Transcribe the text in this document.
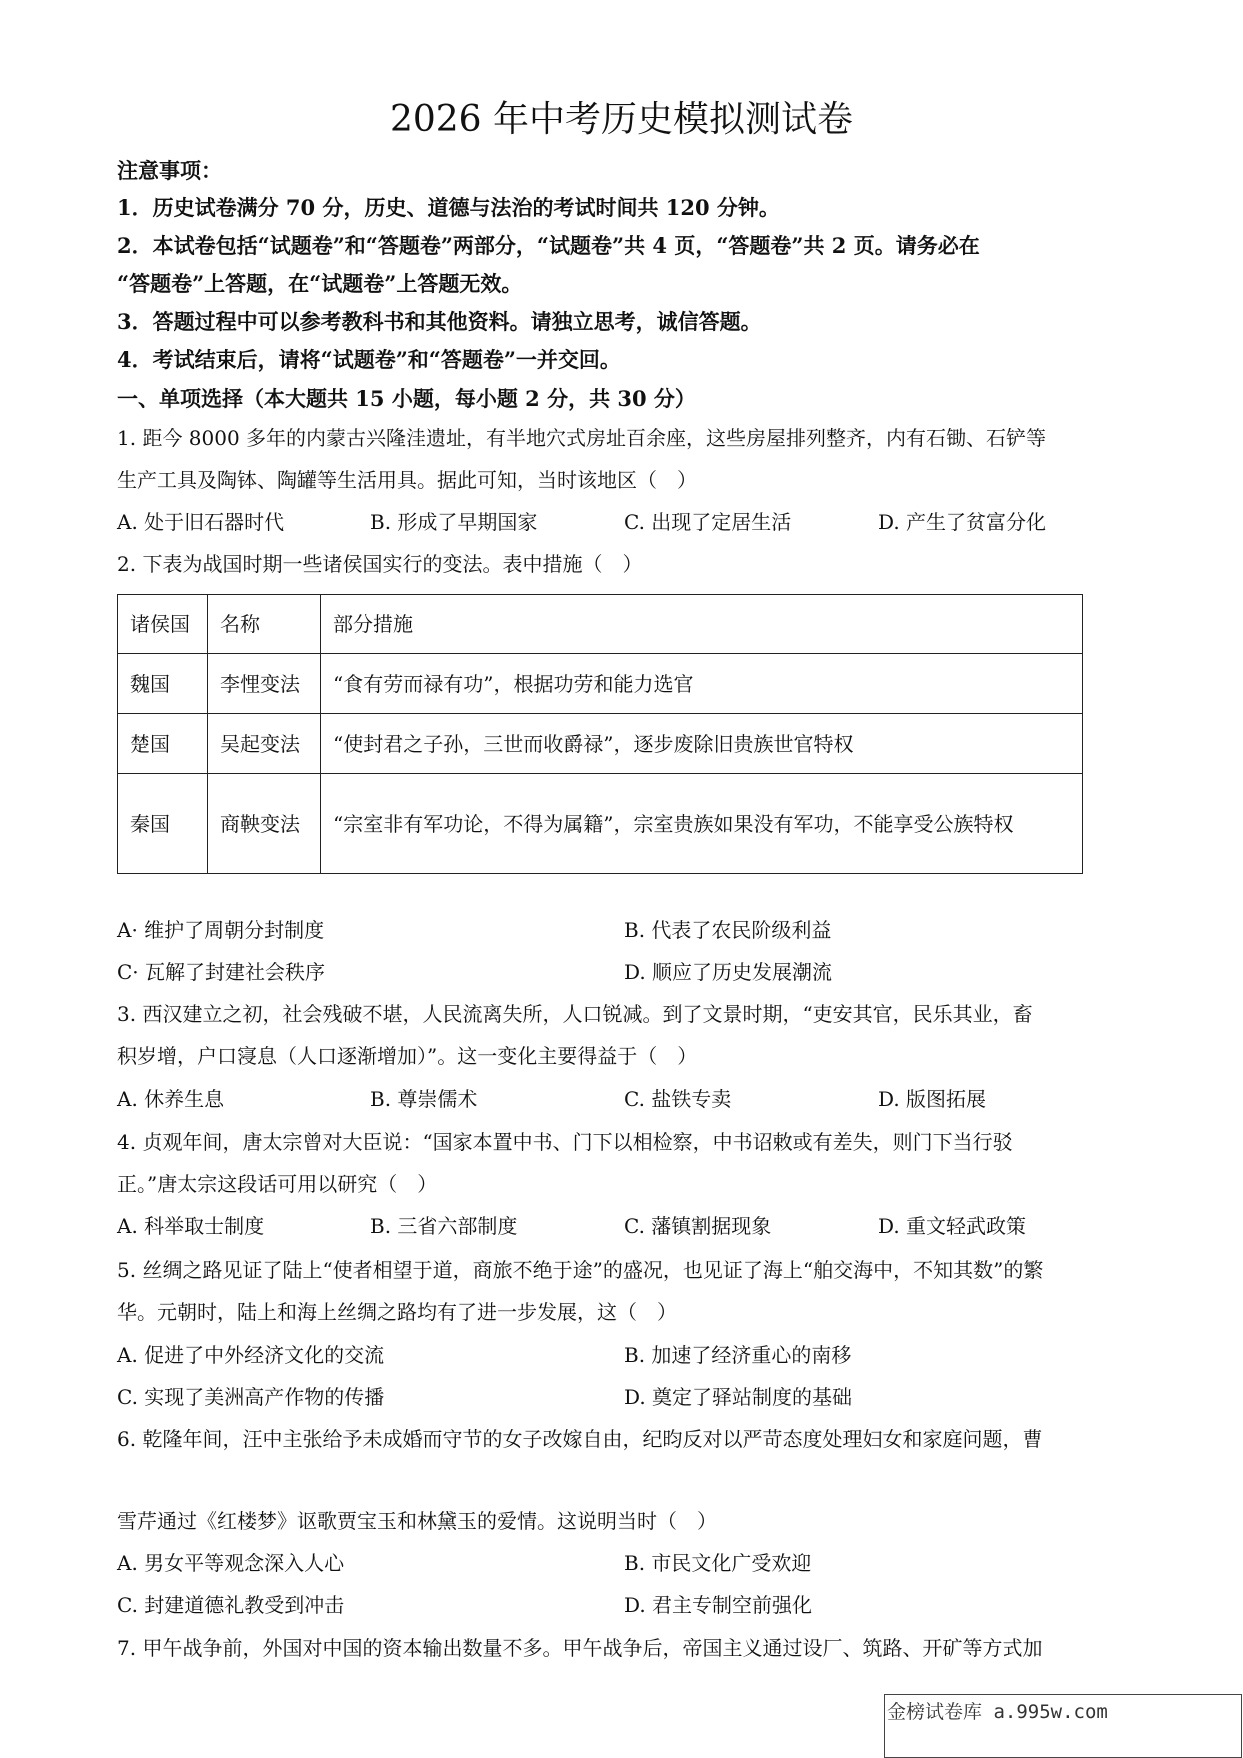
2026 年中考历史模拟测试卷
注意事项：
1．历史试卷满分 70 分，历史、道德与法治的考试时间共 120 分钟。
2．本试卷包括“试题卷”和“答题卷”两部分，“试题卷”共 4 页，“答题卷”共 2 页。请务必在
“答题卷”上答题，在“试题卷”上答题无效。
3．答题过程中可以参考教科书和其他资料。请独立思考，诚信答题。
4．考试结束后，请将“试题卷”和“答题卷”一并交回。
一、单项选择（本大题共 15 小题，每小题 2 分，共 30 分）
1. 距今 8000 多年的内蒙古兴隆洼遗址，有半地穴式房址百余座，这些房屋排列整齐，内有石锄、石铲等
生产工具及陶钵、陶罐等生活用具。据此可知，当时该地区（　）
A. 处于旧石器时代	B. 形成了早期国家	C. 出现了定居生活	D. 产生了贫富分化
2. 下表为战国时期一些诸侯国实行的变法。表中措施（　）
诸侯国	名称	部分措施
魏国	李悝变法	“食有劳而禄有功”，根据功劳和能力选官
楚国	吴起变法	“使封君之子孙，三世而收爵禄”，逐步废除旧贵族世官特权
秦国	商鞅变法	“宗室非有军功论，不得为属籍”，宗室贵族如果没有军功，不能享受公族特权
A· 维护了周朝分封制度	B. 代表了农民阶级利益
C· 瓦解了封建社会秩序	D. 顺应了历史发展潮流
3. 西汉建立之初，社会残破不堪，人民流离失所，人口锐减。到了文景时期，“吏安其官，民乐其业，畜
积岁增，户口寖息（人口逐渐增加）”。这一变化主要得益于（　）
A. 休养生息	B. 尊崇儒术	C. 盐铁专卖	D. 版图拓展
4. 贞观年间，唐太宗曾对大臣说：“国家本置中书、门下以相检察，中书诏敕或有差失，则门下当行驳
正。”唐太宗这段话可用以研究（　）
A. 科举取士制度	B. 三省六部制度	C. 藩镇割据现象	D. 重文轻武政策
5. 丝绸之路见证了陆上“使者相望于道，商旅不绝于途”的盛况，也见证了海上“舶交海中，不知其数”的繁
华。元朝时，陆上和海上丝绸之路均有了进一步发展，这（　）
A. 促进了中外经济文化的交流	B. 加速了经济重心的南移
C. 实现了美洲高产作物的传播	D. 奠定了驿站制度的基础
6. 乾隆年间，汪中主张给予未成婚而守节的女子改嫁自由，纪昀反对以严苛态度处理妇女和家庭问题，曹
雪芹通过《红楼梦》讴歌贾宝玉和林黛玉的爱情。这说明当时（　）
A. 男女平等观念深入人心	B. 市民文化广受欢迎
C. 封建道德礼教受到冲击	D. 君主专制空前强化
7. 甲午战争前，外国对中国的资本输出数量不多。甲午战争后，帝国主义通过设厂、筑路、开矿等方式加
金榜试卷库 a.995w.com
